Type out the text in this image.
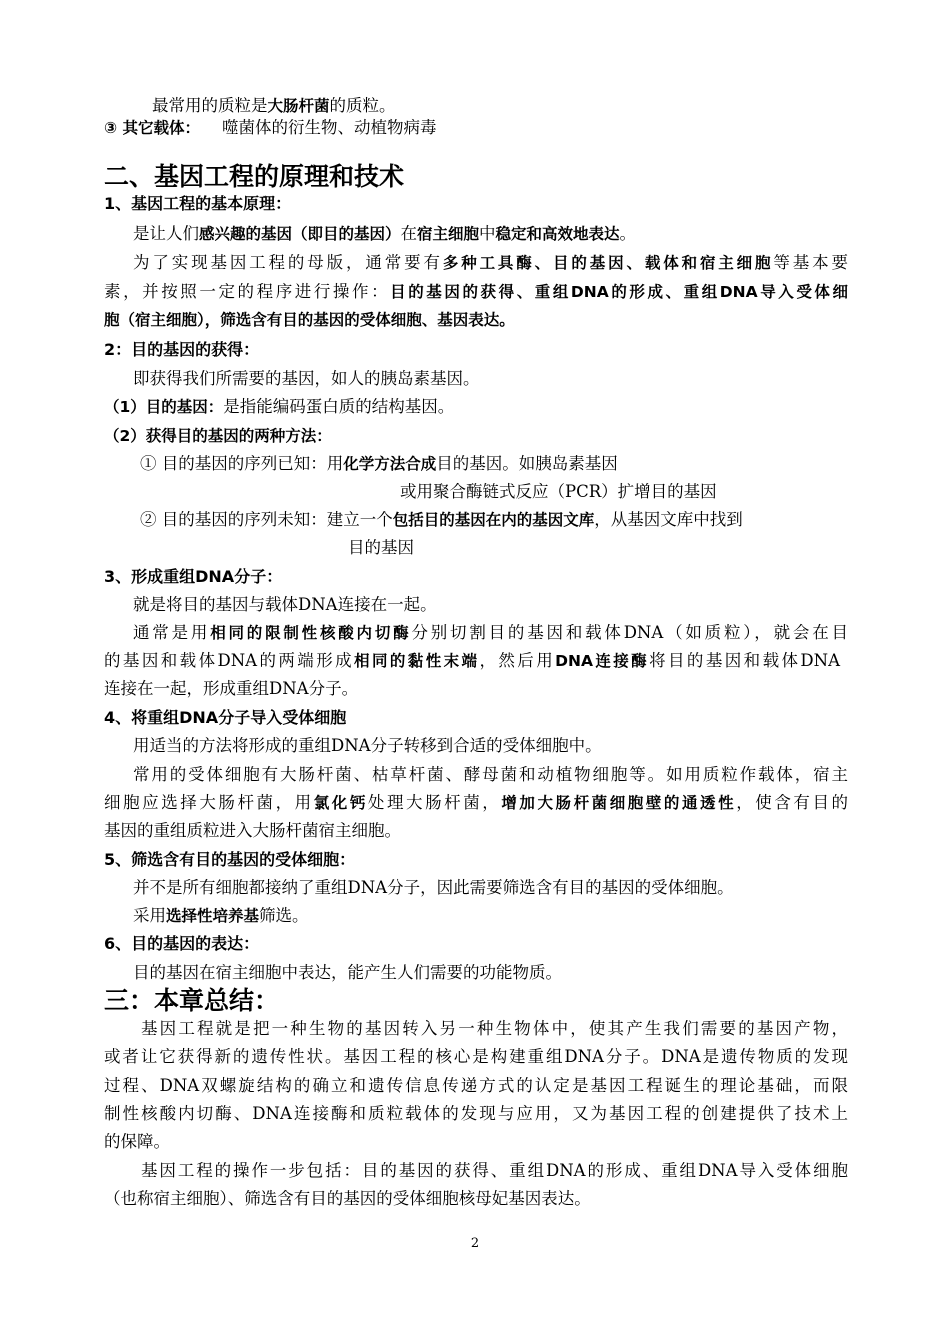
最常用的质粒是大肠杆菌的质粒。
③ 其它载体： 噬菌体的衍生物、动植物病毒
二、基因工程的原理和技术
1、基因工程的基本原理：
是让人们感兴趣的基因（即目的基因）在宿主细胞中稳定和高效地表达。
为了实现基因工程的母版，通常要有多种工具酶、目的基因、载体和宿主细胞等基本要
素，并按照一定的程序进行操作：目的基因的获得、重组DNA的形成、重组DNA导入受体细
胞（宿主细胞），筛选含有目的基因的受体细胞、基因表达。
2：目的基因的获得：
即获得我们所需要的基因，如人的胰岛素基因。
（1）目的基因：是指能编码蛋白质的结构基因。
（2）获得目的基因的两种方法：
① 目的基因的序列已知：用化学方法合成目的基因。如胰岛素基因
或用聚合酶链式反应（PCR）扩增目的基因
② 目的基因的序列未知：建立一个包括目的基因在内的基因文库，从基因文库中找到
目的基因
3、形成重组DNA分子：
就是将目的基因与载体DNA连接在一起。
通常是用相同的限制性核酸内切酶分别切割目的基因和载体DNA（如质粒），就会在目
的基因和载体DNA的两端形成相同的黏性末端，然后用DNA连接酶将目的基因和载体DNA
连接在一起，形成重组DNA分子。
4、将重组DNA分子导入受体细胞
用适当的方法将形成的重组DNA分子转移到合适的受体细胞中。
常用的受体细胞有大肠杆菌、枯草杆菌、酵母菌和动植物细胞等。如用质粒作载体，宿主
细胞应选择大肠杆菌，用氯化钙处理大肠杆菌，增加大肠杆菌细胞壁的通透性，使含有目的
基因的重组质粒进入大肠杆菌宿主细胞。
5、筛选含有目的基因的受体细胞：
并不是所有细胞都接纳了重组DNA分子，因此需要筛选含有目的基因的受体细胞。
采用选择性培养基筛选。
6、目的基因的表达：
目的基因在宿主细胞中表达，能产生人们需要的功能物质。
三：本章总结：
基因工程就是把一种生物的基因转入另一种生物体中，使其产生我们需要的基因产物，
或者让它获得新的遗传性状。基因工程的核心是构建重组DNA分子。DNA是遗传物质的发现
过程、DNA双螺旋结构的确立和遗传信息传递方式的认定是基因工程诞生的理论基础，而限
制性核酸内切酶、DNA连接酶和质粒载体的发现与应用，又为基因工程的创建提供了技术上
的保障。
基因工程的操作一步包括：目的基因的获得、重组DNA的形成、重组DNA导入受体细胞
（也称宿主细胞）、筛选含有目的基因的受体细胞核母妃基因表达。
2
